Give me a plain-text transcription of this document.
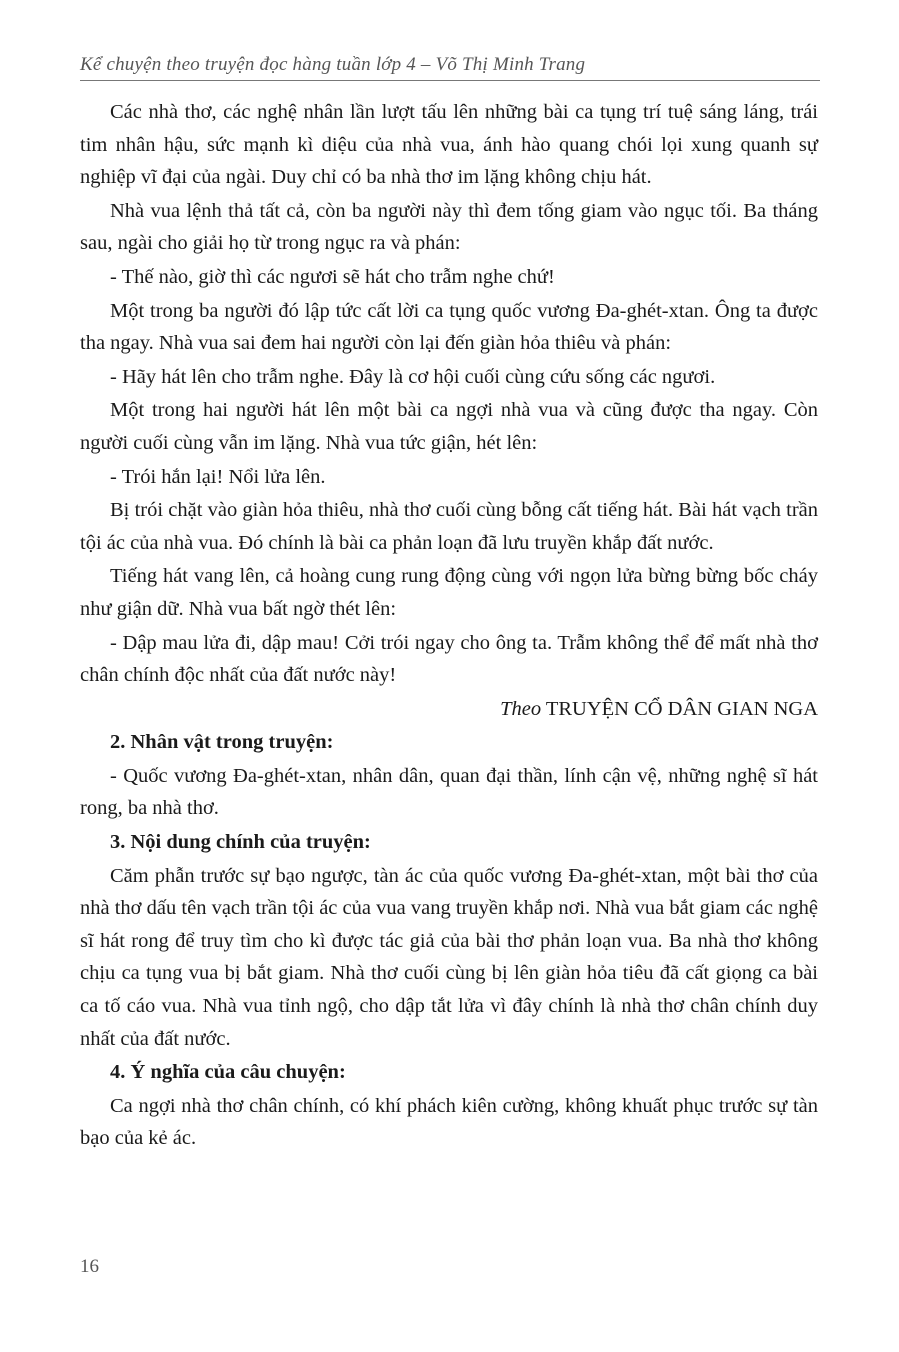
Kể chuyện theo truyện đọc hàng tuần lớp 4 – Võ Thị Minh Trang

Các nhà thơ, các nghệ nhân lần lượt tấu lên những bài ca tụng trí tuệ sáng láng, trái tim nhân hậu, sức mạnh kì diệu của nhà vua, ánh hào quang chói lọi xung quanh sự nghiệp vĩ đại của ngài. Duy chỉ có ba nhà thơ im lặng không chịu hát.

Nhà vua lệnh thả tất cả, còn ba người này thì đem tống giam vào ngục tối. Ba tháng sau, ngài cho giải họ từ trong ngục ra và phán:

- Thế nào, giờ thì các ngươi sẽ hát cho trẫm nghe chứ!

Một trong ba người đó lập tức cất lời ca tụng quốc vương Đa-ghét-xtan. Ông ta được tha ngay. Nhà vua sai đem hai người còn lại đến giàn hỏa thiêu và phán:

- Hãy hát lên cho trẫm nghe. Đây là cơ hội cuối cùng cứu sống các ngươi.

Một trong hai người hát lên một bài ca ngợi nhà vua và cũng được tha ngay. Còn người cuối cùng vẫn im lặng. Nhà vua tức giận, hét lên:

- Trói hắn lại! Nổi lửa lên.

Bị trói chặt vào giàn hỏa thiêu, nhà thơ cuối cùng bỗng cất tiếng hát. Bài hát vạch trần tội ác của nhà vua. Đó chính là bài ca phản loạn đã lưu truyền khắp đất nước.

Tiếng hát vang lên, cả hoàng cung rung động cùng với ngọn lửa bừng bừng bốc cháy như giận dữ. Nhà vua bất ngờ thét lên:

- Dập mau lửa đi, dập mau! Cởi trói ngay cho ông ta. Trẫm không thể để mất nhà thơ chân chính độc nhất của đất nước này!

Theo TRUYỆN CỔ DÂN GIAN NGA

2. Nhân vật trong truyện:

- Quốc vương Đa-ghét-xtan, nhân dân, quan đại thần, lính cận vệ, những nghệ sĩ hát rong, ba nhà thơ.

3. Nội dung chính của truyện:

Căm phẫn trước sự bạo ngược, tàn ác của quốc vương Đa-ghét-xtan, một bài thơ của nhà thơ dấu tên vạch trần tội ác của vua vang truyền khắp nơi. Nhà vua bắt giam các nghệ sĩ hát rong để truy tìm cho kì được tác giả của bài thơ phản loạn vua. Ba nhà thơ không chịu ca tụng vua bị bắt giam. Nhà thơ cuối cùng bị lên giàn hỏa tiêu đã cất giọng ca bài ca tố cáo vua. Nhà vua tỉnh ngộ, cho dập tắt lửa vì đây chính là nhà thơ chân chính duy nhất của đất nước.

4. Ý nghĩa của câu chuyện:

Ca ngợi nhà thơ chân chính, có khí phách kiên cường, không khuất phục trước sự tàn bạo của kẻ ác.

16
